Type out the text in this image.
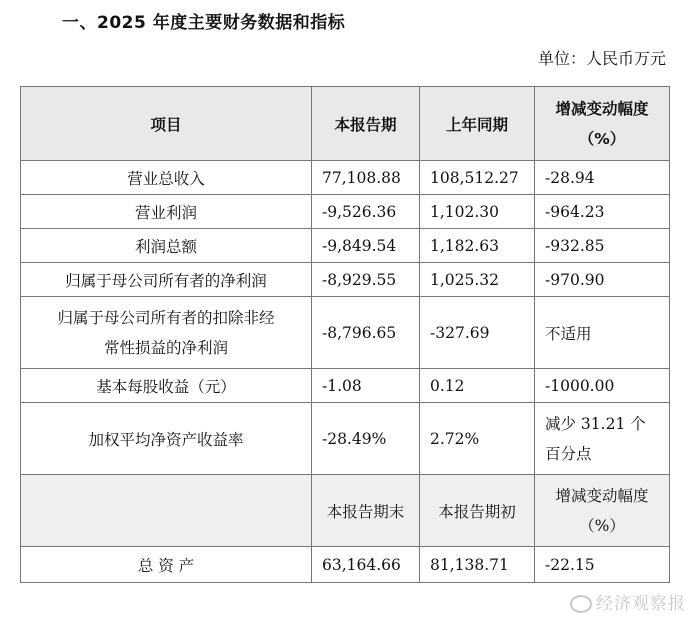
一、2025 年度主要财务数据和指标
单位：人民币万元
项目	本报告期	上年同期	增减变动幅度
（%）

营业总收入	77,108.88	108,512.27	-28.94
营业利润	-9,526.36	1,102.30	-964.23
利润总额	-9,849.54	1,182.63	-932.85
归属于母公司所有者的净利润	-8,929.55	1,025.32	-970.90

归属于母公司所有者的扣除非经
常性损益的净利润	-8,796.65	-327.69	不适用
基本每股收益（元）	-1.08	0.12	-1000.00
加权平均净资产收益率	-28.49%	2.72%	减少 31.21 个
百分点

	本报告期末	本报告期初	增减变动幅度
（%）

总 资 产	63,164.66	81,138.71	-22.15
经济观察报
